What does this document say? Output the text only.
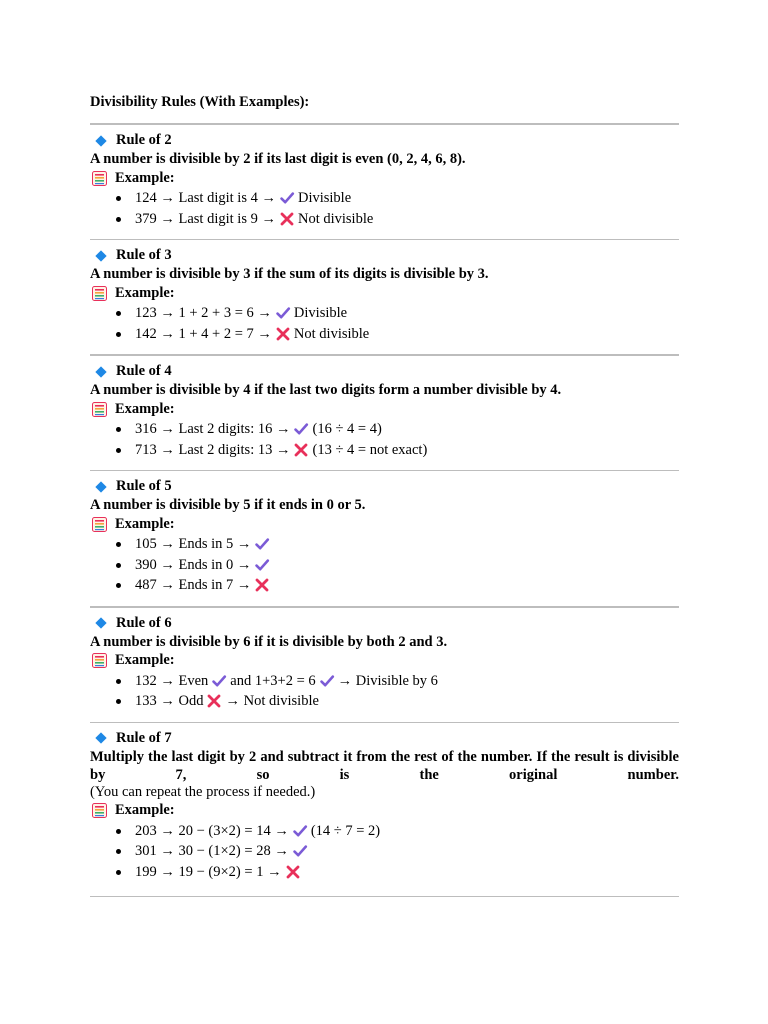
Divisibility Rules (With Examples):
Rule of 2
A number is divisible by 2 if its last digit is even (0, 2, 4, 6, 8).
Example:
124 → Last digit is 4 → Divisible
379 → Last digit is 9 → Not divisible
Rule of 3
A number is divisible by 3 if the sum of its digits is divisible by 3.
Example:
123 → 1 + 2 + 3 = 6 → Divisible
142 → 1 + 4 + 2 = 7 → Not divisible
Rule of 4
A number is divisible by 4 if the last two digits form a number divisible by 4.
Example:
316 → Last 2 digits: 16 → (16 ÷ 4 = 4)
713 → Last 2 digits: 13 → (13 ÷ 4 = not exact)
Rule of 5
A number is divisible by 5 if it ends in 0 or 5.
Example:
105 → Ends in 5 →
390 → Ends in 0 →
487 → Ends in 7 →
Rule of 6
A number is divisible by 6 if it is divisible by both 2 and 3.
Example:
132 → Even and 1+3+2 = 6 → Divisible by 6
133 → Odd → Not divisible
Rule of 7
Multiply the last digit by 2 and subtract it from the rest of the number. If the result is divisible by 7, so is the original number.
(You can repeat the process if needed.)
Example:
203 → 20 − (3×2) = 14 → (14 ÷ 7 = 2)
301 → 30 − (1×2) = 28 →
199 → 19 − (9×2) = 1 →
